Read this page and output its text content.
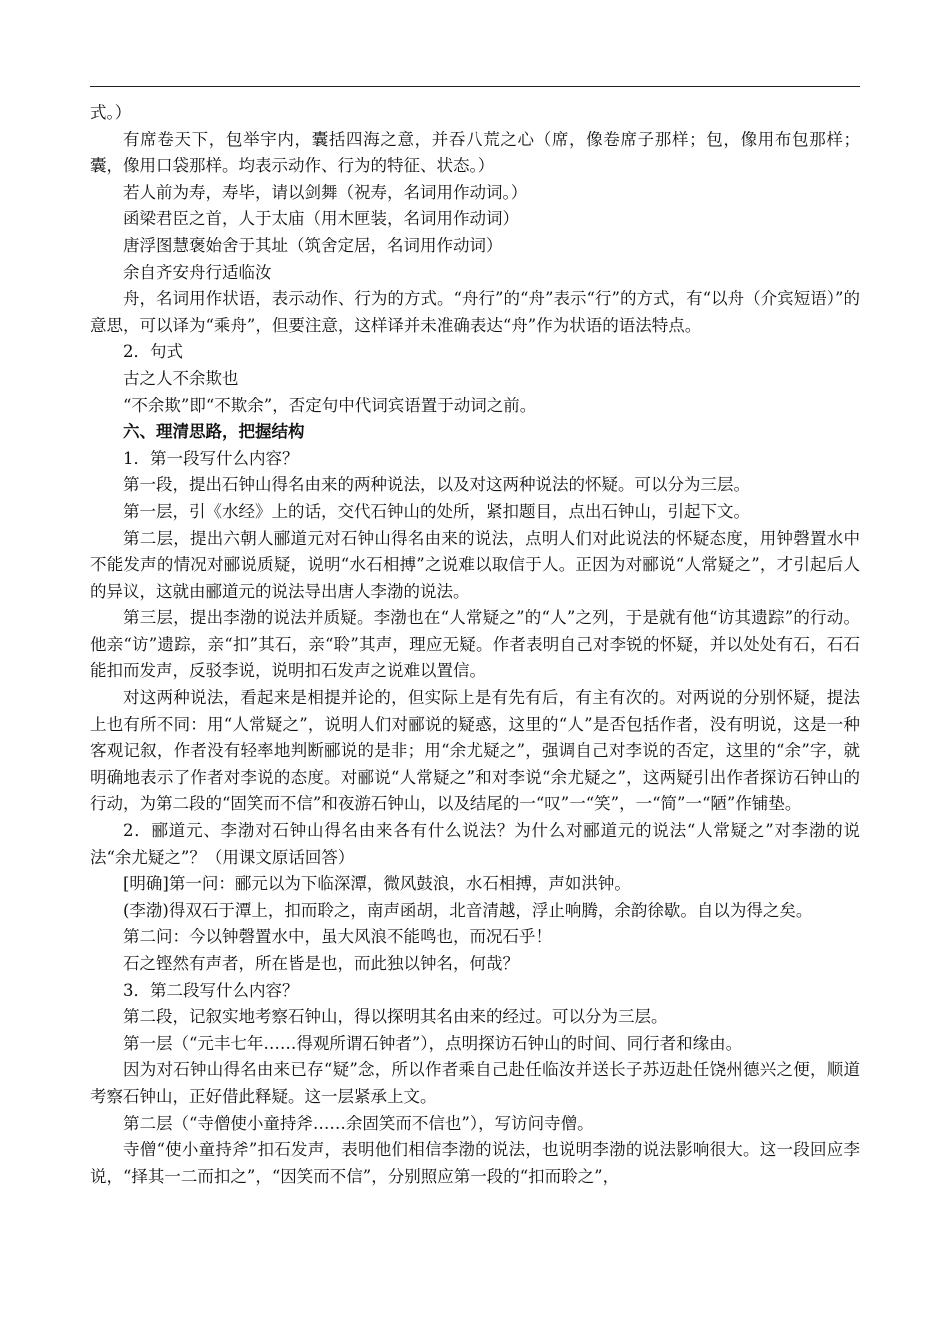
式。）

有席卷天下，包举宇内，囊括四海之意，并吞八荒之心（席，像卷席子那样；包，像用布包那样；囊，像用口袋那样。均表示动作、行为的特征、状态。）

若人前为寿，寿毕，请以剑舞（祝寿，名词用作动词。）

函梁君臣之首，人于太庙（用木匣装，名词用作动词）

唐浮图慧褒始舍于其址（筑舍定居，名词用作动词）

余自齐安舟行适临汝

舟，名词用作状语，表示动作、行为的方式。“舟行”的“舟”表示“行”的方式，有“以舟（介宾短语）”的意思，可以译为“乘舟”，但要注意，这样译并未准确表达“舟”作为状语的语法特点。

2．句式

古之人不余欺也

“不余欺”即“不欺余”，否定句中代词宾语置于动词之前。

六、理清思路，把握结构

1．第一段写什么内容？

第一段，提出石钟山得名由来的两种说法，以及对这两种说法的怀疑。可以分为三层。

第一层，引《水经》上的话，交代石钟山的处所，紧扣题目，点出石钟山，引起下文。

第二层，提出六朝人郦道元对石钟山得名由来的说法，点明人们对此说法的怀疑态度，用钟磬置水中不能发声的情况对郦说质疑，说明“水石相搏”之说难以取信于人。正因为对郦说“人常疑之”，才引起后人的异议，这就由郦道元的说法导出唐人李渤的说法。

第三层，提出李渤的说法并质疑。李渤也在“人常疑之”的“人”之列，于是就有他“访其遗踪”的行动。他亲“访”遗踪，亲“扣”其石，亲“聆”其声，理应无疑。作者表明自己对李锐的怀疑，并以处处有石，石石能扣而发声，反驳李说，说明扣石发声之说难以置信。

对这两种说法，看起来是相提并论的，但实际上是有先有后，有主有次的。对两说的分别怀疑，提法上也有所不同：用“人常疑之”，说明人们对郦说的疑惑，这里的“人”是否包括作者，没有明说，这是一种客观记叙，作者没有轻率地判断郦说的是非；用“余尤疑之”，强调自己对李说的否定，这里的“余”字，就明确地表示了作者对李说的态度。对郦说“人常疑之”和对李说“余尤疑之”，这两疑引出作者探访石钟山的行动，为第二段的“固笑而不信”和夜游石钟山，以及结尾的一“叹”一“笑”，一“简”一“陋”作铺垫。

2．郦道元、李渤对石钟山得名由来各有什么说法？为什么对郦道元的说法“人常疑之”对李渤的说法“余尤疑之”？（用课文原话回答）

[明确]第一问：郦元以为下临深潭，微风鼓浪，水石相搏，声如洪钟。

(李渤)得双石于潭上，扣而聆之，南声函胡，北音清越，浮止响腾，余韵徐歇。自以为得之矣。

第二问：今以钟磬置水中，虽大风浪不能鸣也，而况石乎！

石之铿然有声者，所在皆是也，而此独以钟名，何哉？

3．第二段写什么内容？

第二段，记叙实地考察石钟山，得以探明其名由来的经过。可以分为三层。

第一层（“元丰七年……得观所谓石钟者”），点明探访石钟山的时间、同行者和缘由。

因为对石钟山得名由来已存“疑”念，所以作者乘自己赴任临汝并送长子苏迈赴任饶州德兴之便，顺道考察石钟山，正好借此释疑。这一层紧承上文。

第二层（“寺僧使小童持斧……余固笑而不信也”），写访问寺僧。

寺僧“使小童持斧”扣石发声，表明他们相信李渤的说法，也说明李渤的说法影响很大。这一段回应李说，“择其一二而扣之”，“因笑而不信”，分别照应第一段的“扣而聆之”，
